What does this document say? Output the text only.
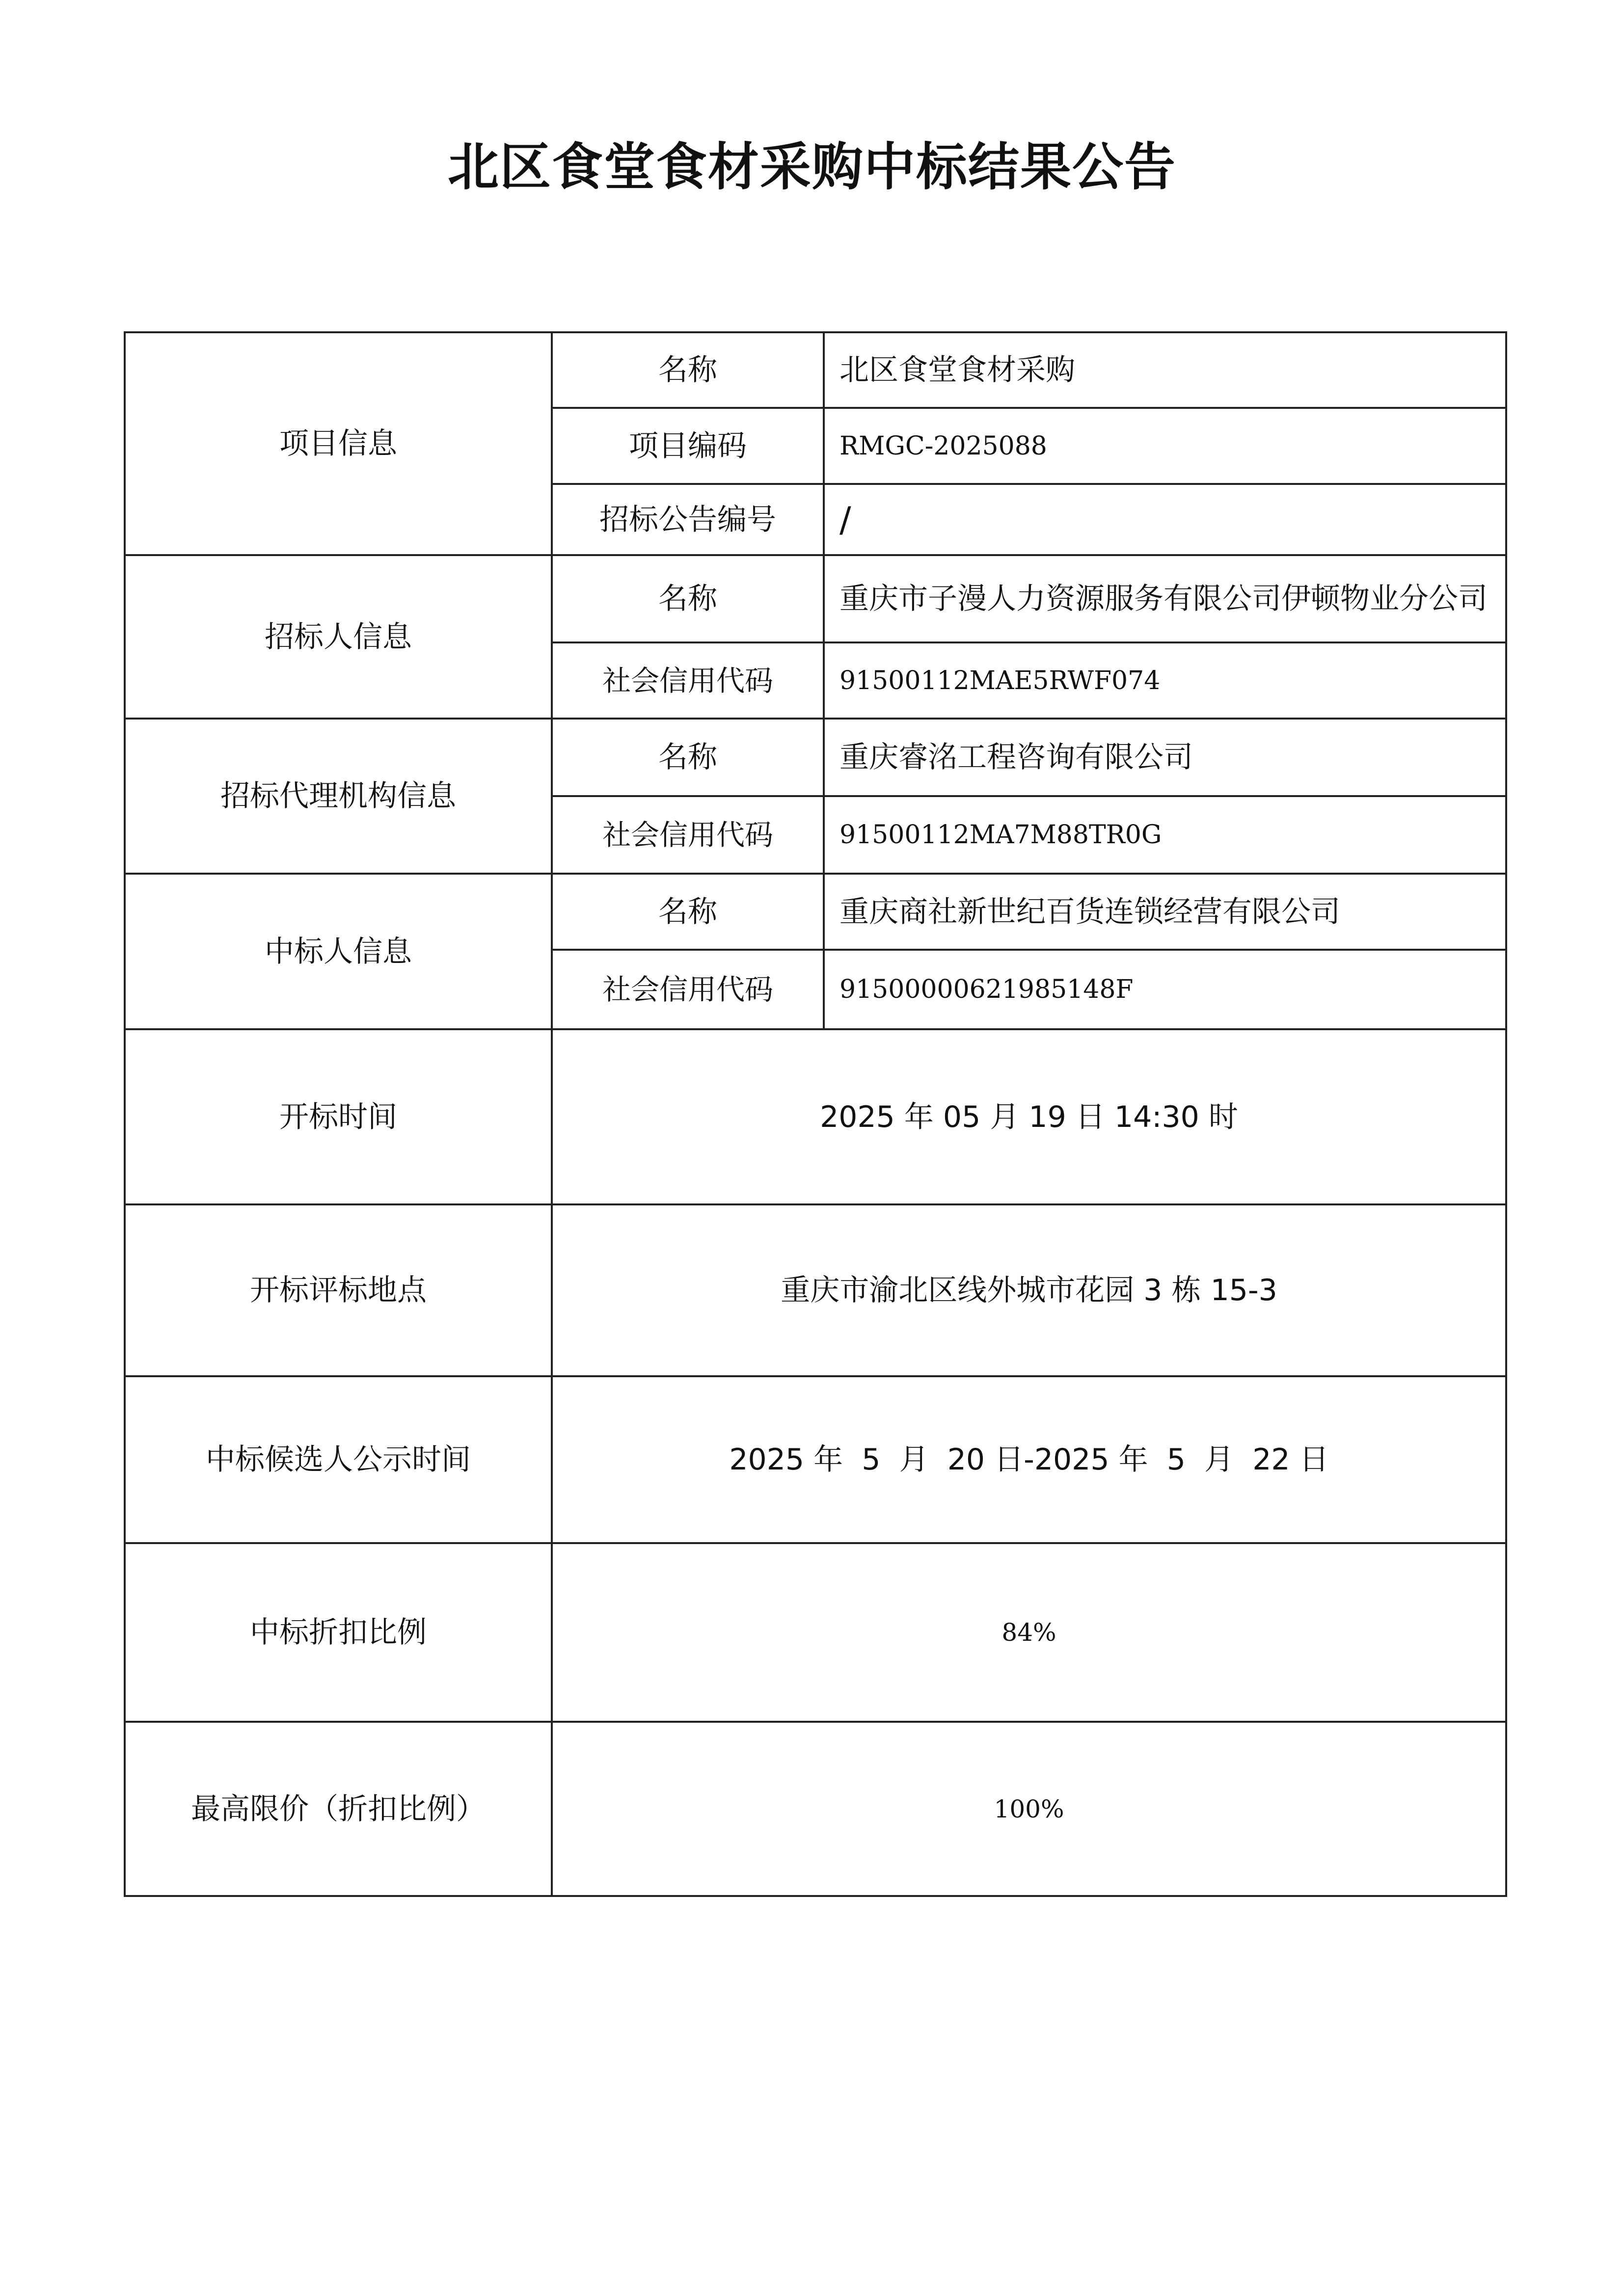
北区食堂食材采购中标结果公告
项目信息	名称	北区食堂食材采购
	项目编码	RMGC-2025088
	招标公告编号	/
招标人信息	名称	重庆市子漫人力资源服务有限公司伊顿物业分公司
	社会信用代码	91500112MAE5RWF074
招标代理机构信息	名称	重庆睿洺工程咨询有限公司
	社会信用代码	91500112MA7M88TR0G
中标人信息	名称	重庆商社新世纪百货连锁经营有限公司
	社会信用代码	91500000621985148F
开标时间	2025 年 05 月 19 日 14:30 时	
开标评标地点	重庆市渝北区线外城市花园 3 栋 15-3	
中标候选人公示时间	2025 年  5  月  20 日-2025 年  5  月  22 日	
中标折扣比例	84%	
最高限价（折扣比例）	100%	
